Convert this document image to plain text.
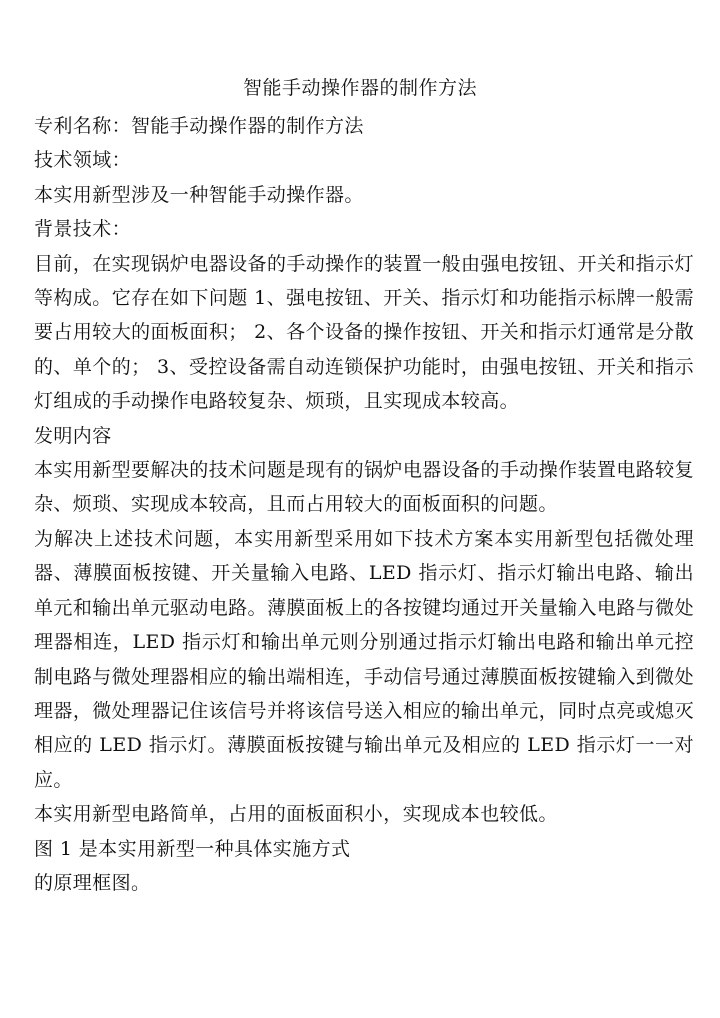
智能手动操作器的制作方法

专利名称：智能手动操作器的制作方法

技术领域：

本实用新型涉及一种智能手动操作器。

背景技术：

目前，在实现锅炉电器设备的手动操作的装置一般由强电按钮、开关和指示灯等构成。它存在如下问题 1、强电按钮、开关、指示灯和功能指示标牌一般需要占用较大的面板面积； 2、各个设备的操作按钮、开关和指示灯通常是分散的、单个的； 3、受控设备需自动连锁保护功能时，由强电按钮、开关和指示灯组成的手动操作电路较复杂、烦琐，且实现成本较高。

发明内容

本实用新型要解决的技术问题是现有的锅炉电器设备的手动操作装置电路较复杂、烦琐、实现成本较高，且而占用较大的面板面积的问题。

为解决上述技术问题，本实用新型采用如下技术方案本实用新型包括微处理器、薄膜面板按键、开关量输入电路、LED 指示灯、指示灯输出电路、输出单元和输出单元驱动电路。薄膜面板上的各按键均通过开关量输入电路与微处理器相连，LED 指示灯和输出单元则分别通过指示灯输出电路和输出单元控制电路与微处理器相应的输出端相连，手动信号通过薄膜面板按键输入到微处理器，微处理器记住该信号并将该信号送入相应的输出单元，同时点亮或熄灭相应的 LED 指示灯。薄膜面板按键与输出单元及相应的 LED 指示灯一一对应。

本实用新型电路简单，占用的面板面积小，实现成本也较低。

图 1 是本实用新型一种具体实施方式

的原理框图。
